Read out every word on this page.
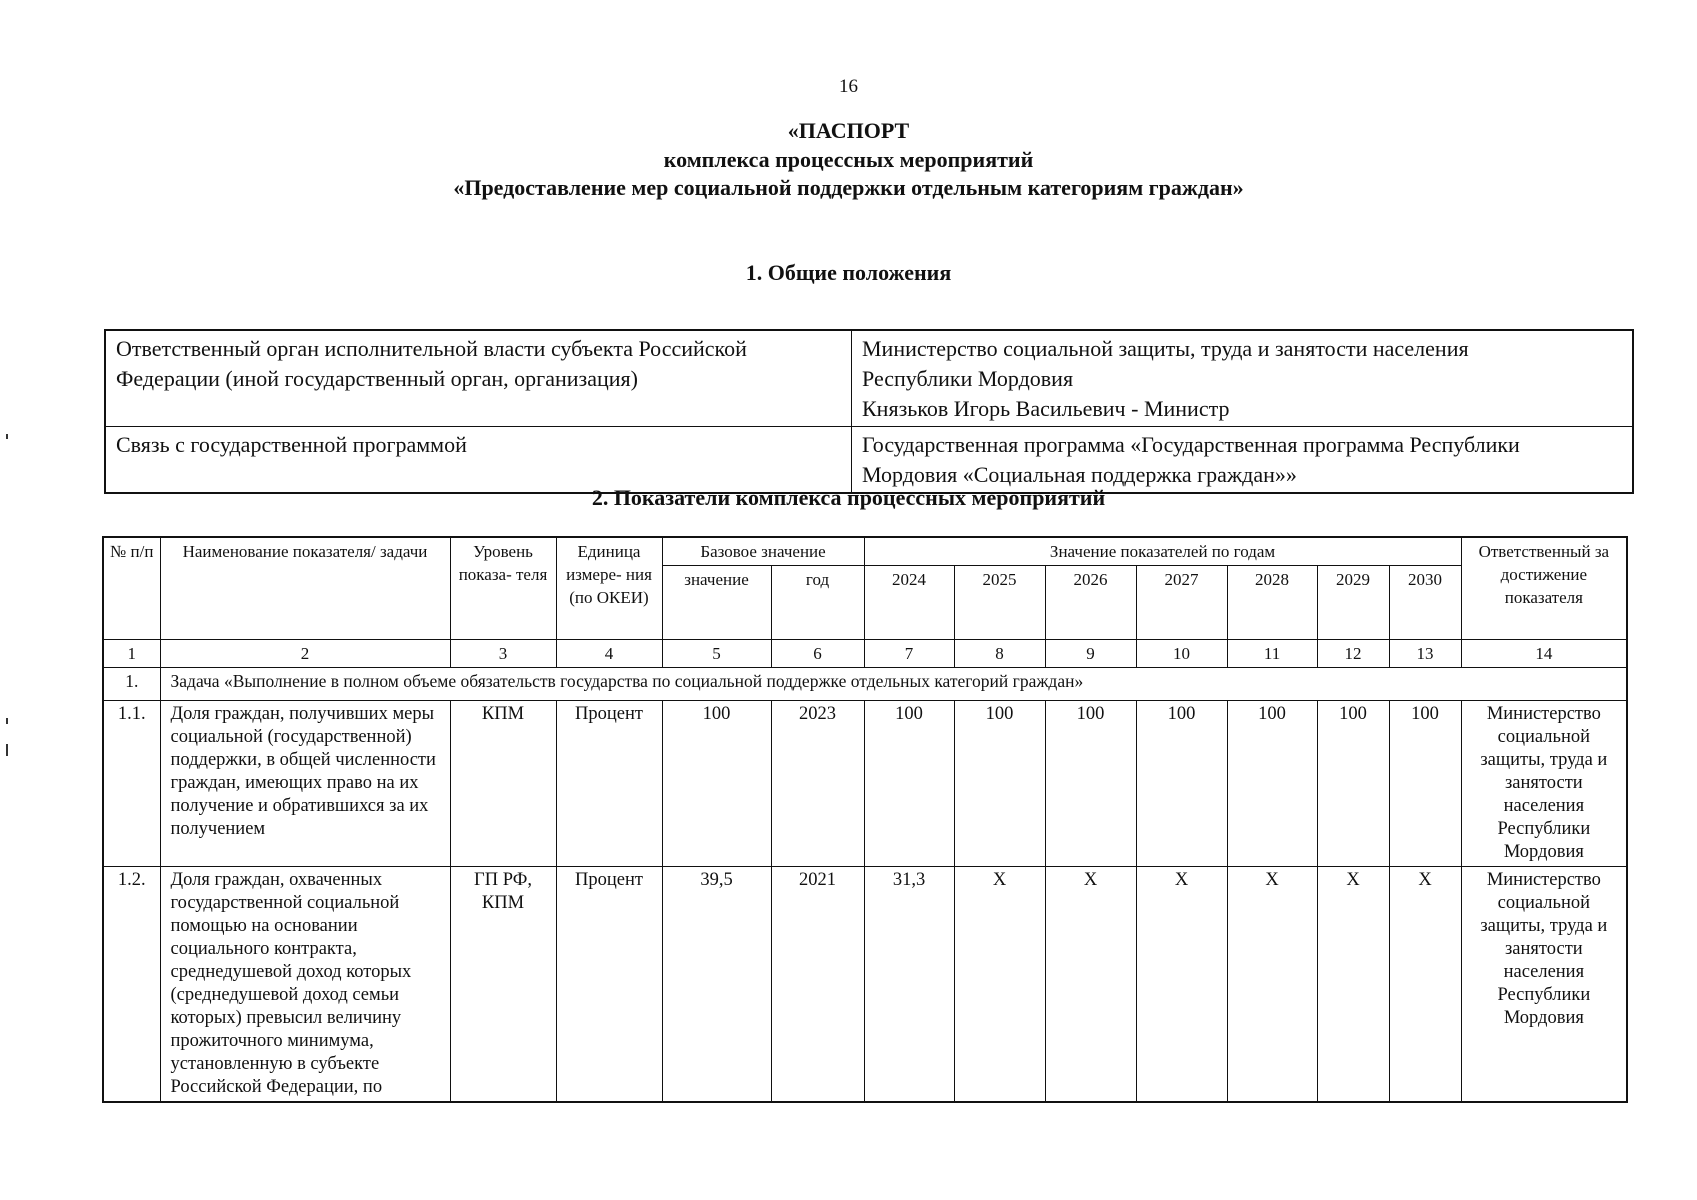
16
«ПАСПОРТ
комплекса процессных мероприятий
«Предоставление мер социальной поддержки отдельным категориям граждан»
1. Общие положения
Ответственный орган исполнительной власти субъекта Российской Федерации (иной государственный орган, организация)	Министерство социальной защиты, труда и занятости населения
Республики Мордовия
Князьков Игорь Васильевич - Министр

Связь с государственной программой	Государственная программа «Государственная программа Республики
Мордовия «Социальная поддержка граждан»»
2. Показатели комплекса процессных мероприятий
№ п/п	Наименование показателя/ задачи	Уровень показа- теля	Единица измере- ния (по ОКЕИ)	Базовое значение		Значение показателей по годам							Ответственный за достижение показателя
				значение	год	2024	2025	2026	2027	2028	2029	2030	
1	2	3	4	5	6	7	8	9	10	11	12	13	14
1.	Задача «Выполнение в полном объеме обязательств государства по социальной поддержке отдельных категорий граждан»												
1.1.	Доля граждан, получивших меры социальной (государственной) поддержки, в общей численности граждан, имеющих право на их получение и обратившихся за их получением	КПМ	Процент	100	2023	100	100	100	100	100	100	100	Министерство социальной защиты, труда и занятости населения Республики Мордовия
1.2.	Доля граждан, охваченных государственной социальной помощью на основании социального контракта, среднедушевой доход которых (среднедушевой доход семьи которых) превысил величину прожиточного минимума, установленную в субъекте Российской Федерации, по	ГП РФ, КПМ	Процент	39,5	2021	31,3	X	X	X	X	X	X	Министерство социальной защиты, труда и занятости населения Республики Мордовия
